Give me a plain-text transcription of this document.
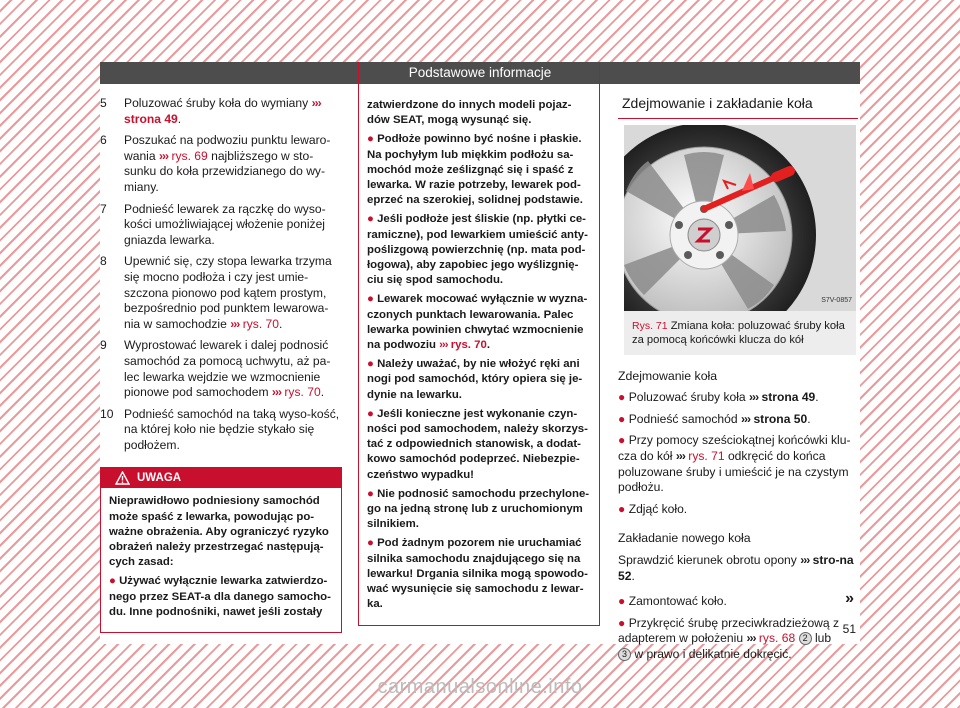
Podstawowe informacje
5	Poluzować śruby koła do wymiany ››› strona 49.
6	Poszukać na podwoziu punktu lewaro-wania ››› rys. 69 najbliższego w sto-sunku do koła przewidzianego do wy-miany.
7	Podnieść lewarek za rączkę do wyso-kości umożliwiającej włożenie poniżej gniazda lewarka.
8	Upewnić się, czy stopa lewarka trzyma się mocno podłoża i czy jest umie-szczona pionowo pod kątem prostym, bezpośrednio pod punktem lewarowa-nia w samochodzie ››› rys. 70.
9	Wyprostować lewarek i dalej podnosić samochód za pomocą uchwytu, aż pa-lec lewarka wejdzie we wzmocnienie pionowe pod samochodem ››› rys. 70.
10 Podnieść samochód na taką wyso-kość, na której koło nie będzie stykało się podłożem.
UWAGA

Nieprawidłowo podniesiony samochód może spaść z lewarka, powodując po-ważne obrażenia. Aby ograniczyć ryzyko obrażeń należy przestrzegać następują-cych zasad:

● Używać wyłącznie lewarka zatwierdzo-nego przez SEAT-a dla danego samocho-du. Inne podnośniki, nawet jeśli zostały

zatwierdzone do innych modeli pojaz-dów SEAT, mogą wysunąć się.

● Podłoże powinno być nośne i płaskie. Na pochyłym lub miękkim podłożu sa-mochód może ześlizgnąć się i spaść z lewarka. W razie potrzeby, lewarek pod-eprzeć na szerokiej, solidnej podstawie.

● Jeśli podłoże jest śliskie (np. płytki ce-ramiczne), pod lewarkiem umieścić anty-poślizgową powierzchnię (np. mata pod-łogowa), aby zapobiec jego wyślizgnię-ciu się spod samochodu.

● Lewarek mocować wyłącznie w wyzna-czonych punktach lewarowania. Palec lewarka powinien chwytać wzmocnienie na podwoziu ››› rys. 70.

● Należy uważać, by nie włożyć ręki ani nogi pod samochód, który opiera się je-dynie na lewarku.

● Jeśli konieczne jest wykonanie czyn-ności pod samochodem, należy skorzys-tać z odpowiednich stanowisk, a dodat-kowo samochód podeprzeć. Niebezpie-czeństwo wypadku!

● Nie podnosić samochodu przechylone-go na jedną stronę lub z uruchomionym silnikiem.

● Pod żadnym pozorem nie uruchamiać silnika samochodu znajdującego się na lewarku! Drgania silnika mogą spowodo-wać wysunięcie się samochodu z lewar-ka.

Zdejmowanie i zakładanie koła
S7V-0857
Rys. 71 Zmiana koła: poluzować śruby koła za pomocą końcówki klucza do kół
Zdejmowanie koła
● Poluzować śruby koła ››› strona 49.
● Podnieść samochód ››› strona 50.
● Przy pomocy sześciokątnej końcówki klu-cza do kół ››› rys. 71 odkręcić do końca poluzowane śruby i umieścić je na czystym podłożu.
● Zdjąć koło.
Zakładanie nowego koła
Sprawdzić kierunek obrotu opony ››› stro-na 52.
● Zamontować koło.
● Przykręcić śrubę przeciwkradzieżową z adapterem w położeniu ››› rys. 68 2 lub
3 w prawo i delikatnie dokręcić.
»
51
carmanualsonline.info
